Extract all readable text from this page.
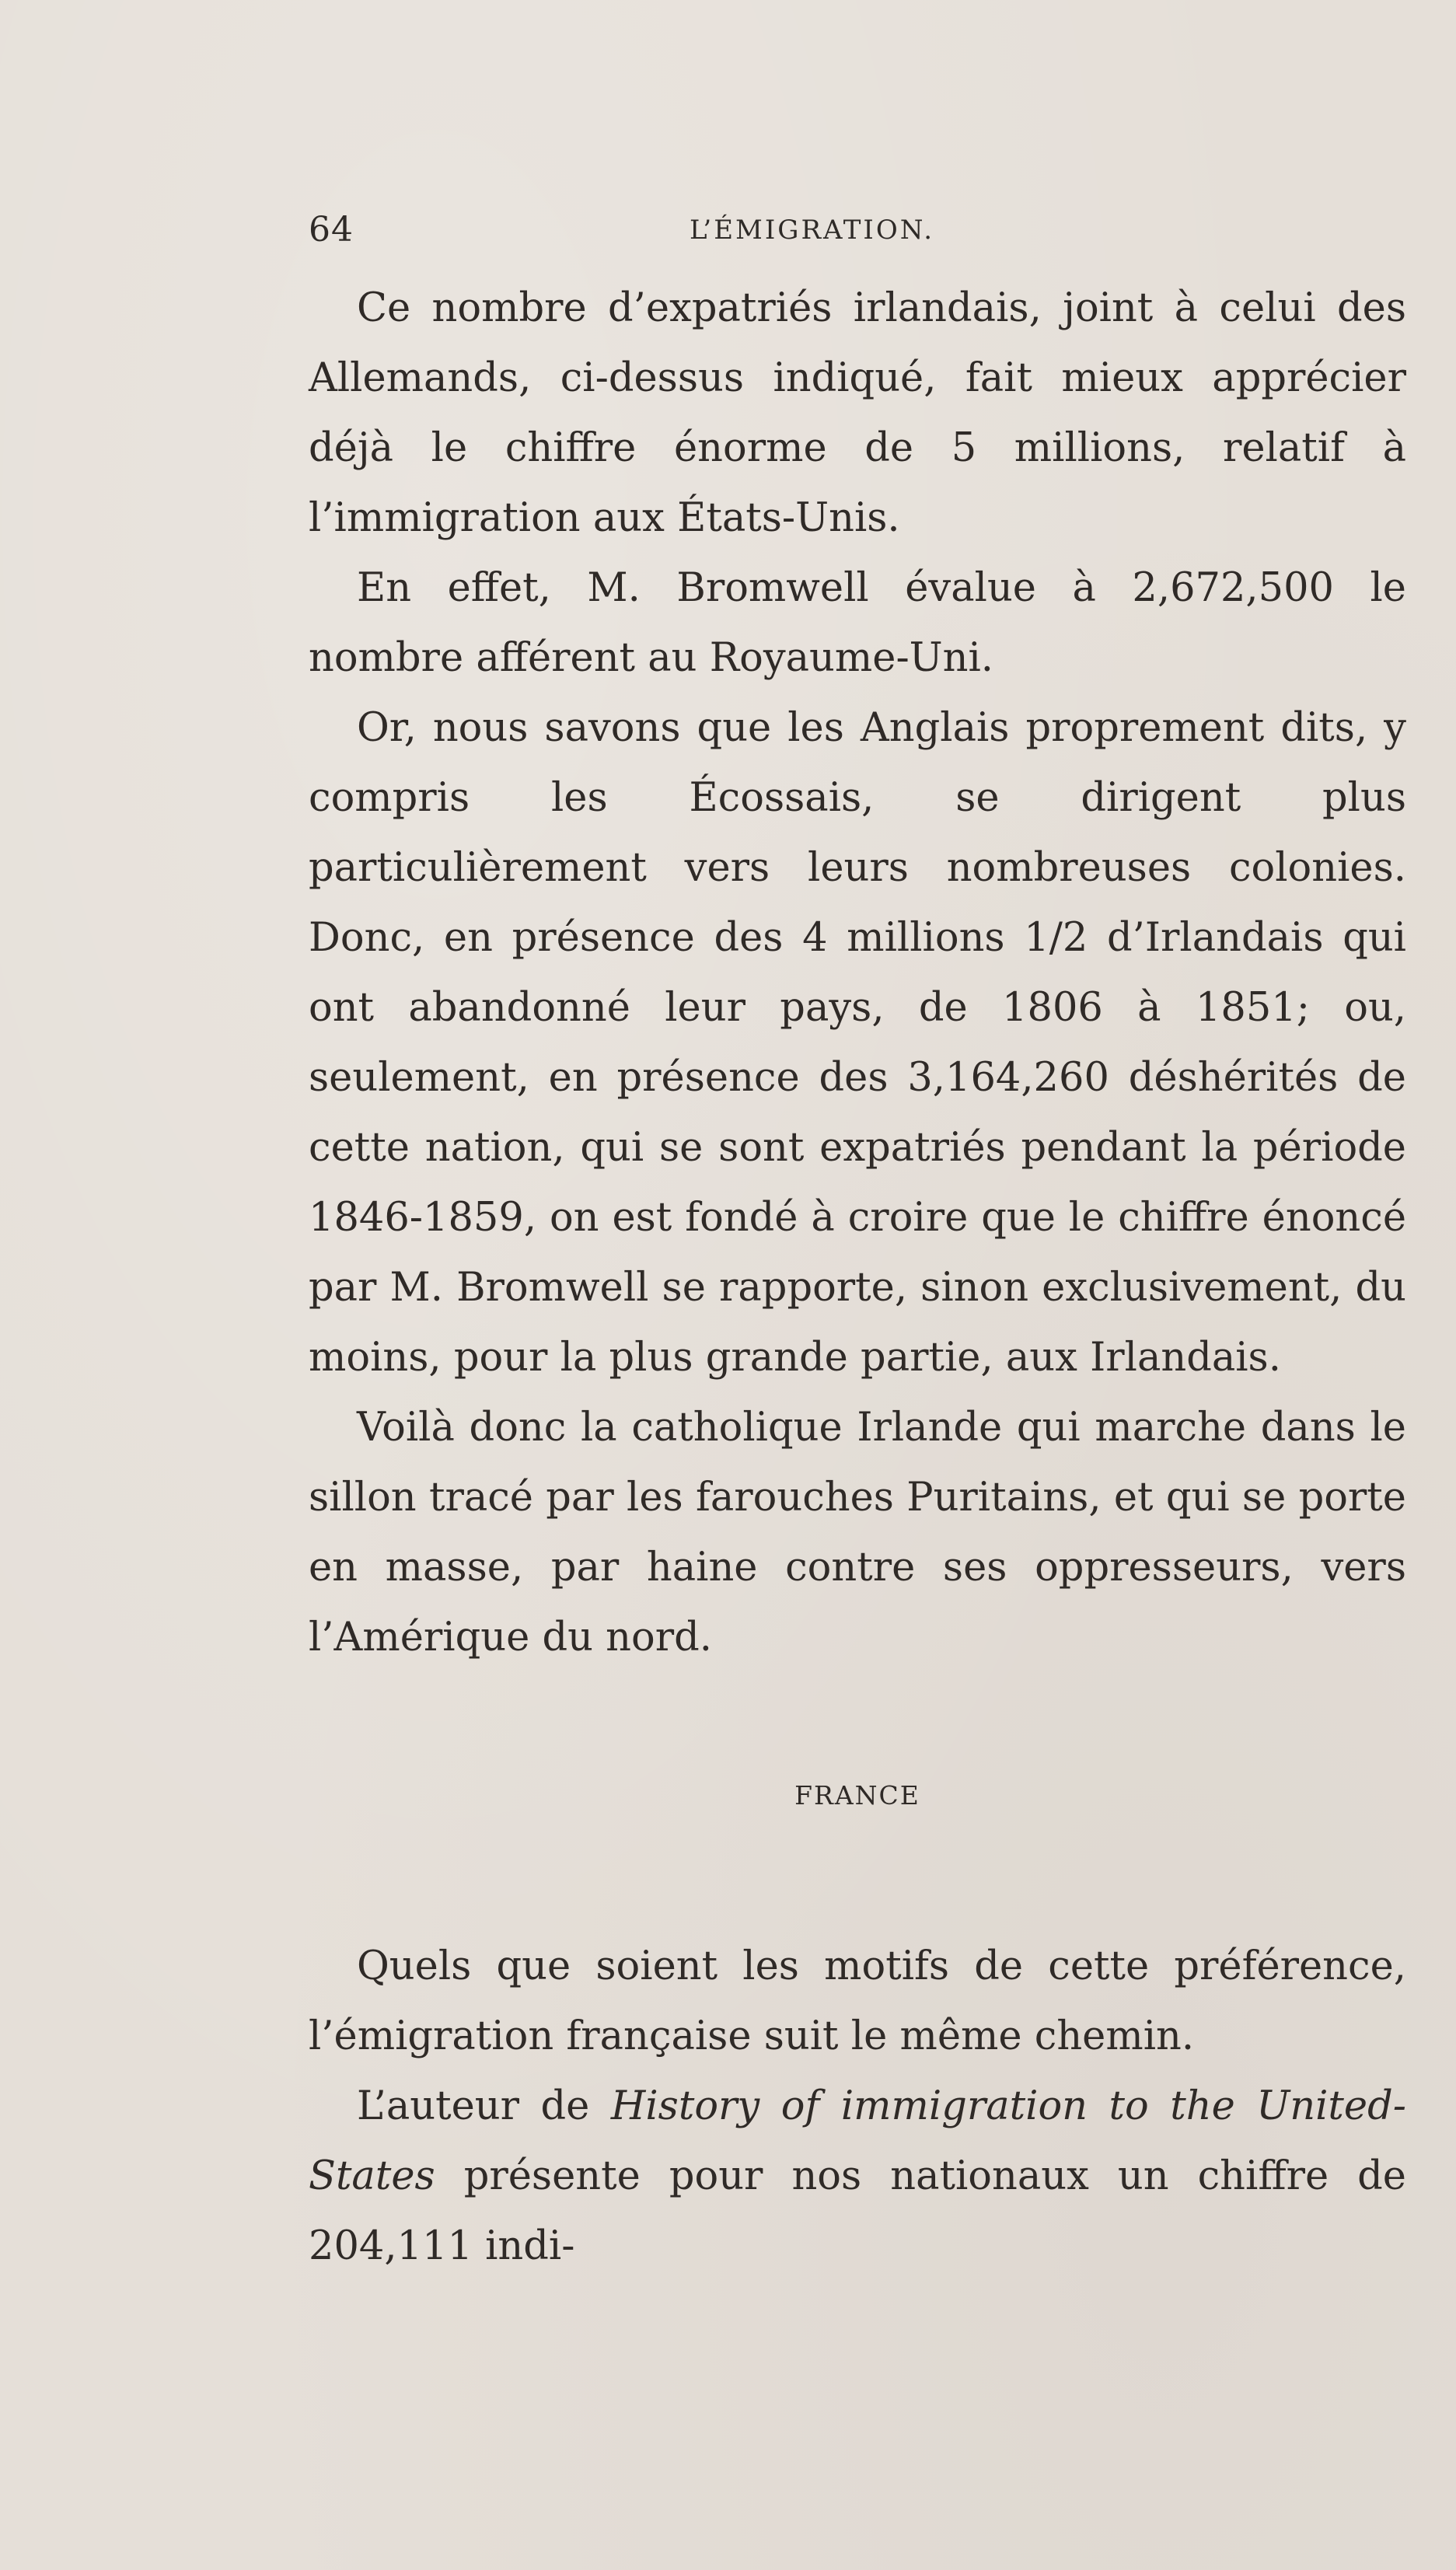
64	L’ÉMIGRATION.

Ce nombre d’expatriés irlandais, joint à celui des Allemands, ci-dessus indiqué, fait mieux apprécier déjà le chiffre énorme de 5 millions, relatif à l’immigration aux États-Unis.

En effet, M. Bromwell évalue à 2,672,500 le nombre afférent au Royaume-Uni.

Or, nous savons que les Anglais proprement dits, y compris les Écossais, se dirigent plus particulièrement vers leurs nombreuses colonies. Donc, en présence des 4 millions 1/2 d’Irlandais qui ont abandonné leur pays, de 1806 à 1851; ou, seulement, en présence des 3,164,260 déshérités de cette nation, qui se sont expatriés pendant la période 1846-1859, on est fondé à croire que le chiffre énoncé par M. Bromwell se rapporte, sinon exclusivement, du moins, pour la plus grande partie, aux Irlandais.

Voilà donc la catholique Irlande qui marche dans le sillon tracé par les farouches Puritains, et qui se porte en masse, par haine contre ses oppresseurs, vers l’Amérique du nord.

FRANCE

Quels que soient les motifs de cette préférence, l’émigration française suit le même chemin.

L’auteur de History of immigration to the United-States présente pour nos nationaux un chiffre de 204,111 indi-
